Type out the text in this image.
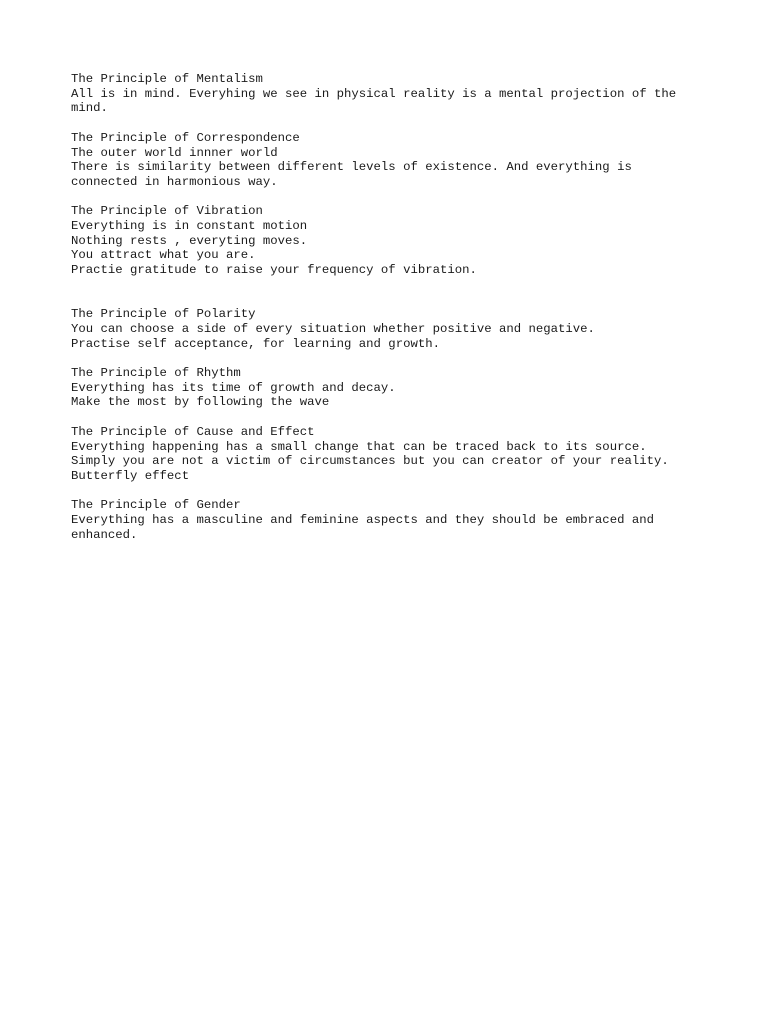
The Principle of Mentalism
All is in mind. Everyhing we see in physical reality is a mental projection of the mind.
The Principle of Correspondence
The outer world innner world
There is similarity between different levels of existence. And everything is connected in harmonious way.
The Principle of Vibration
Everything is in constant motion
Nothing rests , everyting moves.
You attract what you are.
Practie gratitude to raise your frequency of vibration.
The Principle of Polarity
You can choose a side of every situation whether positive and negative.
Practise self acceptance, for learning and growth.
The Principle of Rhythm
Everything has its time of growth and decay.
Make the most by following the wave
The Principle of Cause and Effect
Everything happening has a small change that can be traced back to its source.
Simply you are not a victim of circumstances but you can creator of your reality.
Butterfly effect
The Principle of Gender
Everything has a masculine and feminine aspects and they should be embraced and enhanced.
